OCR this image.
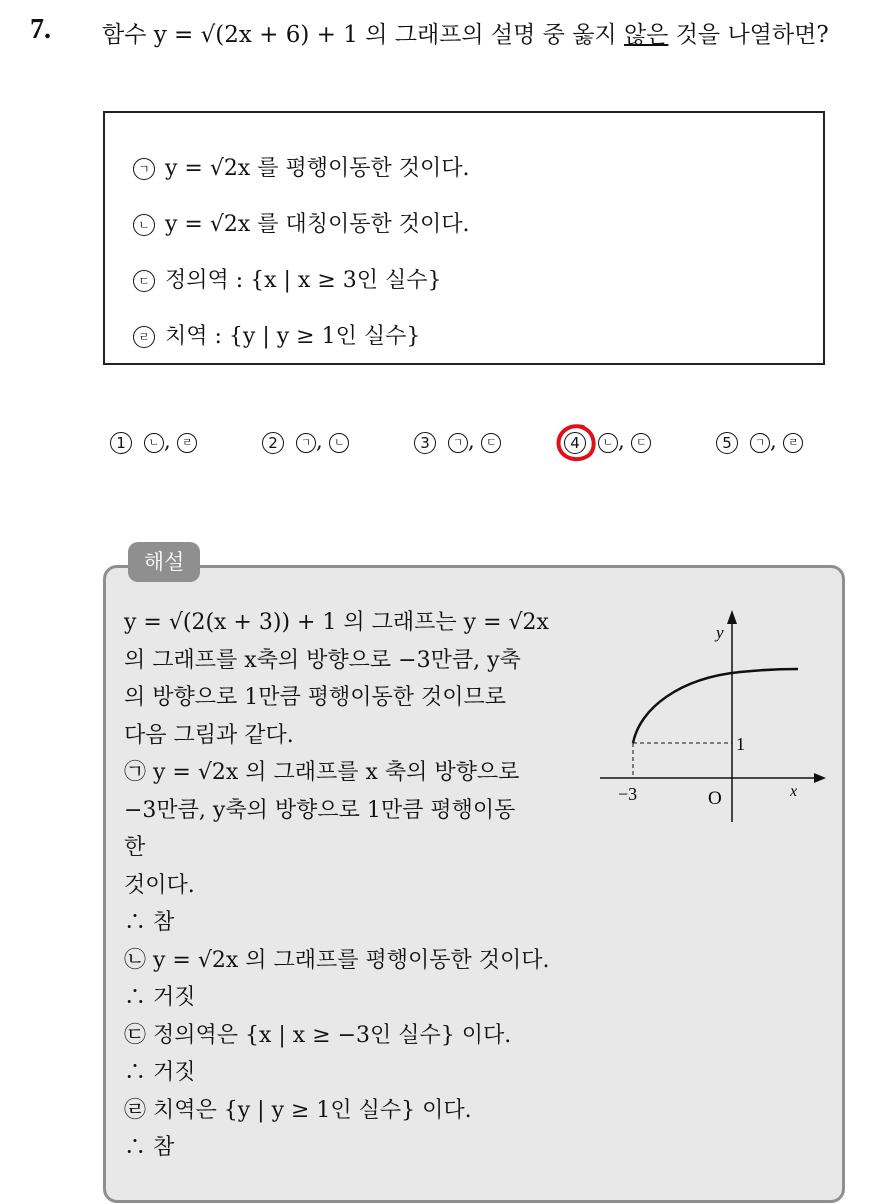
7. 함수 y = √(2x + 6) + 1 의 그래프의 설명 중 옳지 않은 것을 나열하면?
ㄱ y = √2x 를 평행이동한 것이다.
ㄴ y = √2x 를 대칭이동한 것이다.
ㄷ 정의역 : {x | x ≥ 3인 실수}
ㄹ 치역 : {y | y ≥ 1인 실수}
1 ㄴ , ㄹ	2 ㄱ , ㄴ	3 ㄱ , ㄷ	4 ㄴ , ㄷ	5 ㄱ , ㄹ
해설
y = √(2(x + 3)) + 1 의 그래프는 y = √2x
의 그래프를 x축의 방향으로 −3만큼, y축
의 방향으로 1만큼 평행이동한 것이므로
다음 그림과 같다.
㉠ y = √2x 의 그래프를 x 축의 방향으로
−3만큼, y축의 방향으로 1만큼 평행이동
한
것이다.
∴ 참
㉡ y = √2x 의 그래프를 평행이동한 것이다.
∴ 거짓
㉢ 정의역은 {x | x ≥ −3인 실수} 이다.
∴ 거짓
㉣ 치역은 {y | y ≥ 1인 실수} 이다.
∴ 참
y
x
O
−3
1
